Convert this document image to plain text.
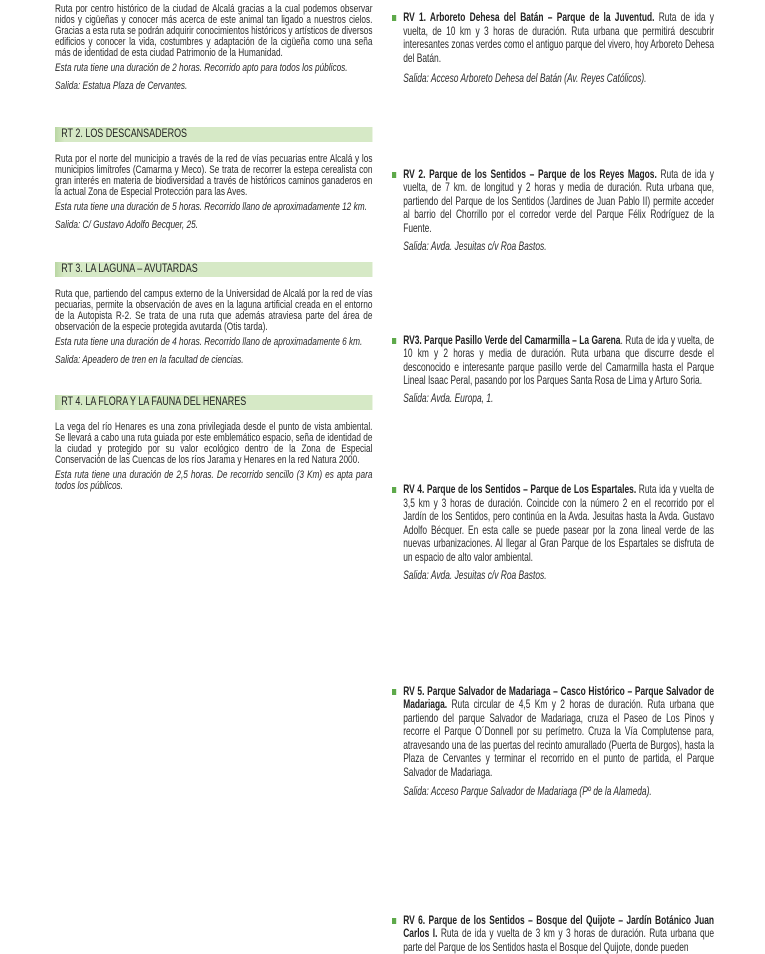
Ruta por centro histórico de la ciudad de Alcalá gracias a la cual podemos observar nidos y cigüeñas y conocer más acerca de este animal tan ligado a nuestros cielos. Gracias a esta ruta se podrán adquirir conocimientos históricos y artísticos de diversos edificios y conocer la vida, costumbres y adaptación de la cigüeña como una seña más de identidad de esta ciudad Patrimonio de la Humanidad.

Esta ruta tiene una duración de 2 horas. Recorrido apto para todos los públicos.

Salida: Estatua Plaza de Cervantes.

RT 2. LOS DESCANSADEROS

Ruta por el norte del municipio a través de la red de vías pecuarias entre Alcalá y los municipios limítrofes (Camarma y Meco). Se trata de recorrer la estepa cerealista con gran interés en materia de biodiversidad a través de históricos caminos ganaderos en la actual Zona de Especial Protección para las Aves.

Esta ruta tiene una duración de 5 horas. Recorrido llano de aproximadamente 12 km.

Salida: C/ Gustavo Adolfo Becquer, 25.

RT 3. LA LAGUNA – AVUTARDAS

Ruta que, partiendo del campus externo de la Universidad de Alcalá por la red de vías pecuarias, permite la observación de aves en la laguna artificial creada en el entorno de la Autopista R-2. Se trata de una ruta que además atraviesa parte del área de observación de la especie protegida avutarda (Otis tarda).

Esta ruta tiene una duración de 4 horas. Recorrido llano de aproximadamente 6 km.

Salida: Apeadero de tren en la facultad de ciencias.

RT 4. LA FLORA Y LA FAUNA DEL HENARES

La vega del río Henares es una zona privilegiada desde el punto de vista ambiental. Se llevará a cabo una ruta guiada por este emblemático espacio, seña de identidad de la ciudad y protegido por su valor ecológico dentro de la Zona de Especial Conservación de las Cuencas de los ríos Jarama y Henares en la red Natura 2000.

Esta ruta tiene una duración de 2,5 horas. De recorrido sencillo (3 Km) es apta para todos los públicos.

RV 1. Arboreto Dehesa del Batán – Parque de la Juventud. Ruta de ida y vuelta, de 10 km y 3 horas de duración. Ruta urbana que permitirá descubrir interesantes zonas verdes como el antiguo parque del vivero, hoy Arboreto Dehesa del Batán.

Salida: Acceso Arboreto Dehesa del Batán (Av. Reyes Católicos).

RV 2. Parque de los Sentidos – Parque de los Reyes Magos. Ruta de ida y vuelta, de 7 km. de longitud y 2 horas y media de duración. Ruta urbana que, partiendo del Parque de los Sentidos (Jardines de Juan Pablo II) permite acceder al barrio del Chorrillo por el corredor verde del Parque Félix Rodríguez de la Fuente.

Salida: Avda. Jesuitas c/v Roa Bastos.

RV3. Parque Pasillo Verde del Camarmilla – La Garena. Ruta de ida y vuelta, de 10 km y 2 horas y media de duración. Ruta urbana que discurre desde el desconocido e interesante parque pasillo verde del Camarmilla hasta el Parque Lineal Isaac Peral, pasando por los Parques Santa Rosa de Lima y Arturo Soria.

Salida: Avda. Europa, 1.

RV 4. Parque de los Sentidos – Parque de Los Espartales. Ruta ida y vuelta de 3,5 km y 3 horas de duración. Coincide con la número 2 en el recorrido por el Jardín de los Sentidos, pero continúa en la Avda. Jesuitas hasta la Avda. Gustavo Adolfo Bécquer. En esta calle se puede pasear por la zona lineal verde de las nuevas urbanizaciones. Al llegar al Gran Parque de los Espartales se disfruta de un espacio de alto valor ambiental.

Salida: Avda. Jesuitas c/v Roa Bastos.

RV 5. Parque Salvador de Madariaga – Casco Histórico – Parque Salvador de Madariaga. Ruta circular de 4,5 Km y 2 horas de duración. Ruta urbana que partiendo del parque Salvador de Madariaga, cruza el Paseo de Los Pinos y recorre el Parque O´Donnell por su perímetro. Cruza la Vía Complutense para, atravesando una de las puertas del recinto amurallado (Puerta de Burgos), hasta la Plaza de Cervantes y terminar el recorrido en el punto de partida, el Parque Salvador de Madariaga.

Salida: Acceso Parque Salvador de Madariaga (Pº de la Alameda).

RV 6. Parque de los Sentidos – Bosque del Quijote – Jardín Botánico Juan Carlos I. Ruta de ida y vuelta de 3 km y 3 horas de duración. Ruta urbana que parte del Parque de los Sentidos hasta el Bosque del Quijote, donde pueden
